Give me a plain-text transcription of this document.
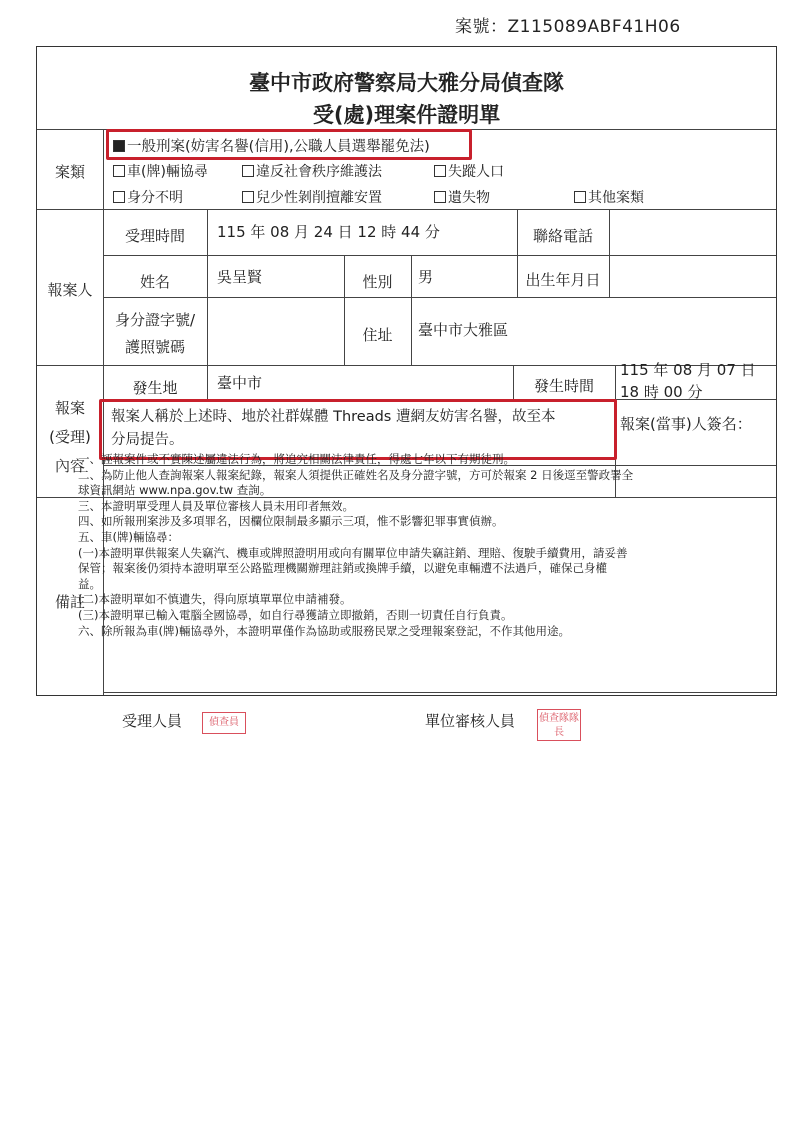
案號：Z115089ABF41H06
臺中市政府警察局大雅分局偵查隊
受(處)理案件證明單
案類
一般刑案(妨害名譽(信用),公職人員選舉罷免法)
車(牌)輛協尋	違反社會秩序維護法	失蹤人口
身分不明	兒少性剝削擅離安置	遺失物	其他案類
報案人
受理時間	115 年 08 月 24 日 12 時 44 分	聯絡電話
姓名	吳呈賢	性別	男	出生年月日
身分證字號/
護照號碼
住址	臺中市大雅區
報案
(受理)
內容
發生地	臺中市	發生時間
115 年 08 月 07 日
18 時 00 分
報案人稱於上述時、地於社群媒體 Threads 遭網友妨害名譽，故至本
分局提告。
報案(當事)人簽名：
備註
一、誣報案件或不實陳述屬違法行為，將追究相關法律責任，得處七年以下有期徒刑。
二、為防止他人查詢報案人報案紀錄，報案人須提供正確姓名及身分證字號，方可於報案 2 日後逕至警政署全
球資訊網站 www.npa.gov.tw 查詢。
三、本證明單受理人員及單位審核人員未用印者無效。
四、如所報刑案涉及多項罪名，因欄位限制最多顯示三項，惟不影響犯罪事實偵辦。
五、車(牌)輛協尋：
(一)本證明單供報案人失竊汽、機車或牌照證明用或向有關單位申請失竊註銷、理賠、復駛手續費用，請妥善
保管；報案後仍須持本證明單至公路監理機關辦理註銷或換牌手續，以避免車輛遭不法過戶，確保己身權
益。
(二)本證明單如不慎遺失，得向原填單單位申請補發。
(三)本證明單已輸入電腦全國協尋，如自行尋獲請立即撤銷，否則一切責任自行負責。
六、除所報為車(牌)輛協尋外，本證明單僅作為協助或服務民眾之受理報案登記，不作其他用途。
受理人員	偵查員	單位審核人員 偵查隊隊長
